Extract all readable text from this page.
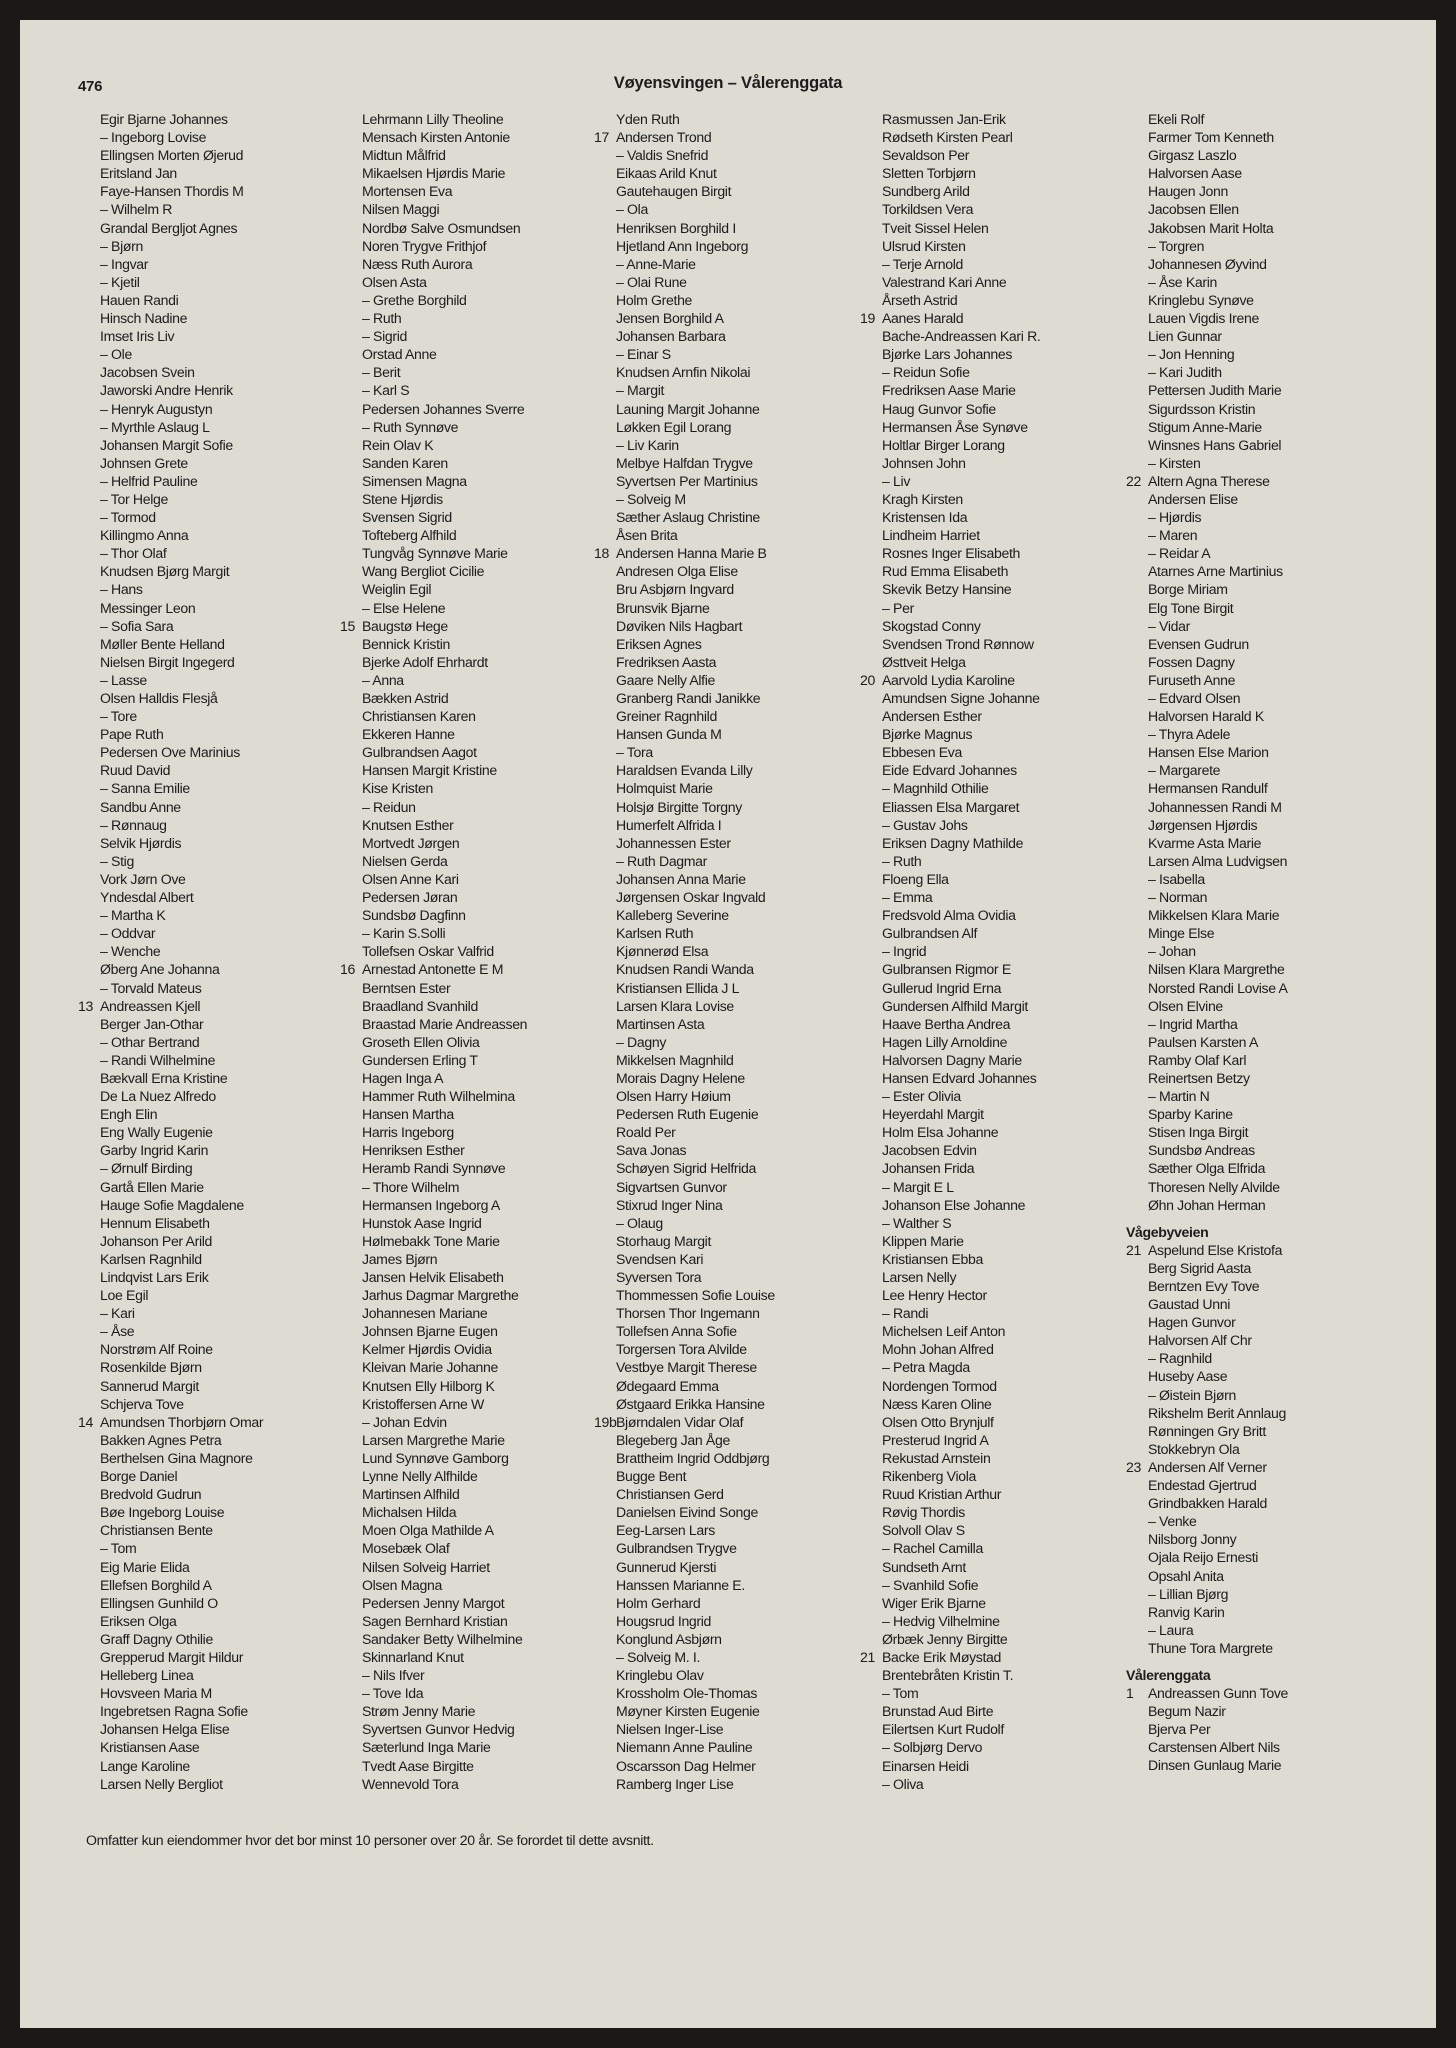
476	Vøyensvingen – Vålerenggata
Egir Bjarne Johannes
– Ingeborg Lovise
Ellingsen Morten Øjerud
Eritsland Jan
Faye-Hansen Thordis M
– Wilhelm R
Grandal Bergljot Agnes
– Bjørn
– Ingvar
– Kjetil
Hauen Randi
Hinsch Nadine
Imset Iris Liv
– Ole
Jacobsen Svein
Jaworski Andre Henrik
– Henryk Augustyn
– Myrthle Aslaug L
Johansen Margit Sofie
Johnsen Grete
– Helfrid Pauline
– Tor Helge
– Tormod
Killingmo Anna
– Thor Olaf
Knudsen Bjørg Margit
– Hans
Messinger Leon
– Sofia Sara
Møller Bente Helland
Nielsen Birgit Ingegerd
– Lasse
Olsen Halldis Flesjå
– Tore
Pape Ruth
Pedersen Ove Marinius
Ruud David
– Sanna Emilie
Sandbu Anne
– Rønnaug
Selvik Hjørdis
– Stig
Vork Jørn Ove
Yndesdal Albert
– Martha K
– Oddvar
– Wenche
Øberg Ane Johanna
– Torvald Mateus
13 Andreassen Kjell
Berger Jan-Othar
– Othar Bertrand
– Randi Wilhelmine
Bækvall Erna Kristine
De La Nuez Alfredo
Engh Elin
Eng Wally Eugenie
Garby Ingrid Karin
– Ørnulf Birding
Gartå Ellen Marie
Hauge Sofie Magdalene
Hennum Elisabeth
Johanson Per Arild
Karlsen Ragnhild
Lindqvist Lars Erik
Loe Egil
– Kari
– Åse
Norstrøm Alf Roine
Rosenkilde Bjørn
Sannerud Margit
Schjerva Tove
14 Amundsen Thorbjørn Omar
Bakken Agnes Petra
Berthelsen Gina Magnore
Borge Daniel
Bredvold Gudrun
Bøe Ingeborg Louise
Christiansen Bente
– Tom
Eig Marie Elida
Ellefsen Borghild A
Ellingsen Gunhild O
Eriksen Olga
Graff Dagny Othilie
Grepperud Margit Hildur
Helleberg Linea
Hovsveen Maria M
Ingebretsen Ragna Sofie
Johansen Helga Elise
Kristiansen Aase
Lange Karoline
Larsen Nelly Bergliot
Lehrmann Lilly Theoline
Mensach Kirsten Antonie
Midtun Målfrid
Mikaelsen Hjørdis Marie
Mortensen Eva
Nilsen Maggi
Nordbø Salve Osmundsen
Noren Trygve Frithjof
Næss Ruth Aurora
Olsen Asta
– Grethe Borghild
– Ruth
– Sigrid
Orstad Anne
– Berit
– Karl S
Pedersen Johannes Sverre
– Ruth Synnøve
Rein Olav K
Sanden Karen
Simensen Magna
Stene Hjørdis
Svensen Sigrid
Tofteberg Alfhild
Tungvåg Synnøve Marie
Wang Bergliot Cicilie
Weiglin Egil
– Else Helene
15 Baugstø Hege
Bennick Kristin
Bjerke Adolf Ehrhardt
– Anna
Bækken Astrid
Christiansen Karen
Ekkeren Hanne
Gulbrandsen Aagot
Hansen Margit Kristine
Kise Kristen
– Reidun
Knutsen Esther
Mortvedt Jørgen
Nielsen Gerda
Olsen Anne Kari
Pedersen Jøran
Sundsbø Dagfinn
– Karin S.Solli
Tollefsen Oskar Valfrid
16 Arnestad Antonette E M
Berntsen Ester
Braadland Svanhild
Braastad Marie Andreassen
Groseth Ellen Olivia
Gundersen Erling T
Hagen Inga A
Hammer Ruth Wilhelmina
Hansen Martha
Harris Ingeborg
Henriksen Esther
Heramb Randi Synnøve
– Thore Wilhelm
Hermansen Ingeborg A
Hunstok Aase Ingrid
Hølmebakk Tone Marie
James Bjørn
Jansen Helvik Elisabeth
Jarhus Dagmar Margrethe
Johannesen Mariane
Johnsen Bjarne Eugen
Kelmer Hjørdis Ovidia
Kleivan Marie Johanne
Knutsen Elly Hilborg K
Kristoffersen Arne W
– Johan Edvin
Larsen Margrethe Marie
Lund Synnøve Gamborg
Lynne Nelly Alfhilde
Martinsen Alfhild
Michalsen Hilda
Moen Olga Mathilde A
Mosebæk Olaf
Nilsen Solveig Harriet
Olsen Magna
Pedersen Jenny Margot
Sagen Bernhard Kristian
Sandaker Betty Wilhelmine
Skinnarland Knut
– Nils Ifver
– Tove Ida
Strøm Jenny Marie
Syvertsen Gunvor Hedvig
Sæterlund Inga Marie
Tvedt Aase Birgitte
Wennevold Tora
Yden Ruth
17 Andersen Trond
– Valdis Snefrid
Eikaas Arild Knut
Gautehaugen Birgit
– Ola
Henriksen Borghild I
Hjetland Ann Ingeborg
– Anne-Marie
– Olai Rune
Holm Grethe
Jensen Borghild A
Johansen Barbara
– Einar S
Knudsen Arnfin Nikolai
– Margit
Launing Margit Johanne
Løkken Egil Lorang
– Liv Karin
Melbye Halfdan Trygve
Syvertsen Per Martinius
– Solveig M
Sæther Aslaug Christine
Åsen Brita
18 Andersen Hanna Marie B
Andresen Olga Elise
Bru Asbjørn Ingvard
Brunsvik Bjarne
Døviken Nils Hagbart
Eriksen Agnes
Fredriksen Aasta
Gaare Nelly Alfie
Granberg Randi Janikke
Greiner Ragnhild
Hansen Gunda M
– Tora
Haraldsen Evanda Lilly
Holmquist Marie
Holsjø Birgitte Torgny
Humerfelt Alfrida I
Johannessen Ester
– Ruth Dagmar
Johansen Anna Marie
Jørgensen Oskar Ingvald
Kalleberg Severine
Karlsen Ruth
Kjønnerød Elsa
Knudsen Randi Wanda
Kristiansen Ellida J L
Larsen Klara Lovise
Martinsen Asta
– Dagny
Mikkelsen Magnhild
Morais Dagny Helene
Olsen Harry Høium
Pedersen Ruth Eugenie
Roald Per
Sava Jonas
Schøyen Sigrid Helfrida
Sigvartsen Gunvor
Stixrud Inger Nina
– Olaug
Storhaug Margit
Svendsen Kari
Syversen Tora
Thommessen Sofie Louise
Thorsen Thor Ingemann
Tollefsen Anna Sofie
Torgersen Tora Alvilde
Vestbye Margit Therese
Ødegaard Emma
Østgaard Erikka Hansine
19b Bjørndalen Vidar Olaf
Blegeberg Jan Åge
Brattheim Ingrid Oddbjørg
Bugge Bent
Christiansen Gerd
Danielsen Eivind Songe
Eeg-Larsen Lars
Gulbrandsen Trygve
Gunnerud Kjersti
Hanssen Marianne E.
Holm Gerhard
Hougsrud Ingrid
Konglund Asbjørn
– Solveig M. I.
Kringlebu Olav
Krossholm Ole-Thomas
Møyner Kirsten Eugenie
Nielsen Inger-Lise
Niemann Anne Pauline
Oscarsson Dag Helmer
Ramberg Inger Lise
Rasmussen Jan-Erik
Rødseth Kirsten Pearl
Sevaldson Per
Sletten Torbjørn
Sundberg Arild
Torkildsen Vera
Tveit Sissel Helen
Ulsrud Kirsten
– Terje Arnold
Valestrand Kari Anne
Årseth Astrid
19 Aanes Harald
Bache-Andreassen Kari R.
Bjørke Lars Johannes
– Reidun Sofie
Fredriksen Aase Marie
Haug Gunvor Sofie
Hermansen Åse Synøve
Holtlar Birger Lorang
Johnsen John
– Liv
Kragh Kirsten
Kristensen Ida
Lindheim Harriet
Rosnes Inger Elisabeth
Rud Emma Elisabeth
Skevik Betzy Hansine
– Per
Skogstad Conny
Svendsen Trond Rønnow
Østtveit Helga
20 Aarvold Lydia Karoline
Amundsen Signe Johanne
Andersen Esther
Bjørke Magnus
Ebbesen Eva
Eide Edvard Johannes
– Magnhild Othilie
Eliassen Elsa Margaret
– Gustav Johs
Eriksen Dagny Mathilde
– Ruth
Floeng Ella
– Emma
Fredsvold Alma Ovidia
Gulbrandsen Alf
– Ingrid
Gulbransen Rigmor E
Gullerud Ingrid Erna
Gundersen Alfhild Margit
Haave Bertha Andrea
Hagen Lilly Arnoldine
Halvorsen Dagny Marie
Hansen Edvard Johannes
– Ester Olivia
Heyerdahl Margit
Holm Elsa Johanne
Jacobsen Edvin
Johansen Frida
– Margit E L
Johanson Else Johanne
– Walther S
Klippen Marie
Kristiansen Ebba
Larsen Nelly
Lee Henry Hector
– Randi
Michelsen Leif Anton
Mohn Johan Alfred
– Petra Magda
Nordengen Tormod
Næss Karen Oline
Olsen Otto Brynjulf
Presterud Ingrid A
Rekustad Arnstein
Rikenberg Viola
Ruud Kristian Arthur
Røvig Thordis
Solvoll Olav S
– Rachel Camilla
Sundseth Arnt
– Svanhild Sofie
Wiger Erik Bjarne
– Hedvig Vilhelmine
Ørbæk Jenny Birgitte
21 Backe Erik Møystad
Brentebråten Kristin T.
– Tom
Brunstad Aud Birte
Eilertsen Kurt Rudolf
– Solbjørg Dervo
Einarsen Heidi
– Oliva
Ekeli Rolf
Farmer Tom Kenneth
Girgasz Laszlo
Halvorsen Aase
Haugen Jonn
Jacobsen Ellen
Jakobsen Marit Holta
– Torgren
Johannesen Øyvind
– Åse Karin
Kringlebu Synøve
Lauen Vigdis Irene
Lien Gunnar
– Jon Henning
– Kari Judith
Pettersen Judith Marie
Sigurdsson Kristin
Stigum Anne-Marie
Winsnes Hans Gabriel
– Kirsten
22 Altern Agna Therese
Andersen Elise
– Hjørdis
– Maren
– Reidar A
Atarnes Arne Martinius
Borge Miriam
Elg Tone Birgit
– Vidar
Evensen Gudrun
Fossen Dagny
Furuseth Anne
– Edvard Olsen
Halvorsen Harald K
– Thyra Adele
Hansen Else Marion
– Margarete
Hermansen Randulf
Johannessen Randi M
Jørgensen Hjørdis
Kvarme Asta Marie
Larsen Alma Ludvigsen
– Isabella
– Norman
Mikkelsen Klara Marie
Minge Else
– Johan
Nilsen Klara Margrethe
Norsted Randi Lovise A
Olsen Elvine
– Ingrid Martha
Paulsen Karsten A
Ramby Olaf Karl
Reinertsen Betzy
– Martin N
Sparby Karine
Stisen Inga Birgit
Sundsbø Andreas
Sæther Olga Elfrida
Thoresen Nelly Alvilde
Øhn Johan Herman
Vågebyveien
21 Aspelund Else Kristofa
Berg Sigrid Aasta
Berntzen Evy Tove
Gaustad Unni
Hagen Gunvor
Halvorsen Alf Chr
– Ragnhild
Huseby Aase
– Øistein Bjørn
Rikshelm Berit Annlaug
Rønningen Gry Britt
Stokkebryn Ola
23 Andersen Alf Verner
Endestad Gjertrud
Grindbakken Harald
– Venke
Nilsborg Jonny
Ojala Reijo Ernesti
Opsahl Anita
– Lillian Bjørg
Ranvig Karin
– Laura
Thune Tora Margrete
Vålerenggata
1	Andreassen Gunn Tove
Begum Nazir
Bjerva Per
Carstensen Albert Nils
Dinsen Gunlaug Marie
Omfatter kun eiendommer hvor det bor minst 10 personer over 20 år. Se forordet til dette avsnitt.
